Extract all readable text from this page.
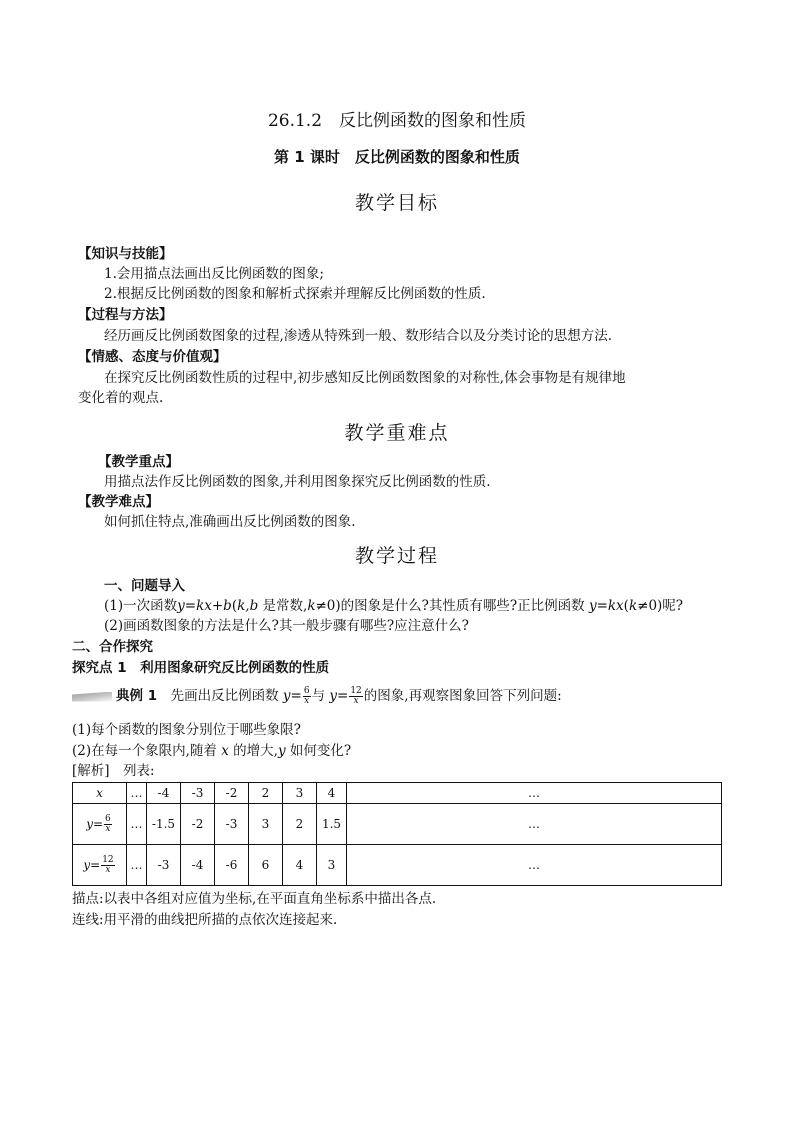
26.1.2　反比例函数的图象和性质
第 1 课时　反比例函数的图象和性质
教学目标
【知识与技能】
1.会用描点法画出反比例函数的图象;
2.根据反比例函数的图象和解析式探索并理解反比例函数的性质.
【过程与方法】
经历画反比例函数图象的过程,渗透从特殊到一般、数形结合以及分类讨论的思想方法.
【情感、态度与价值观】
在探究反比例函数性质的过程中,初步感知反比例函数图象的对称性,体会事物是有规律地
变化着的观点.
教学重难点
【教学重点】
用描点法作反比例函数的图象,并利用图象探究反比例函数的性质.
【教学难点】
如何抓住特点,准确画出反比例函数的图象.
教学过程
一、问题导入
(1)一次函数y=kx+b(k,b 是常数,k≠0)的图象是什么?其性质有哪些?正比例函数 y=kx(k≠0)呢?
(2)画函数图象的方法是什么?其一般步骤有哪些?应注意什么?
二、合作探究
探究点 1　利用图象研究反比例函数的性质
典例 1　先画出反比例函数 $y= \frac{6}{x}$ 与 $y= \frac{12}{x}$ 的图象,再观察图象回答下列问题:
(1)每个函数的图象分别位于哪些象限?
(2)在每一个象限内,随着 x 的增大,y 如何变化?
[解析]　列表:
x	…	-4	-3	-2	2	3	4	…
$y= \frac{6}{x}$	…	-1.5	-2	-3	3	2	1.5	…
$y= \frac{12}{x}$	…	-3	-4	-6	6	4	3	…
描点:以表中各组对应值为坐标,在平面直角坐标系中描出各点.
连线:用平滑的曲线把所描的点依次连接起来.
